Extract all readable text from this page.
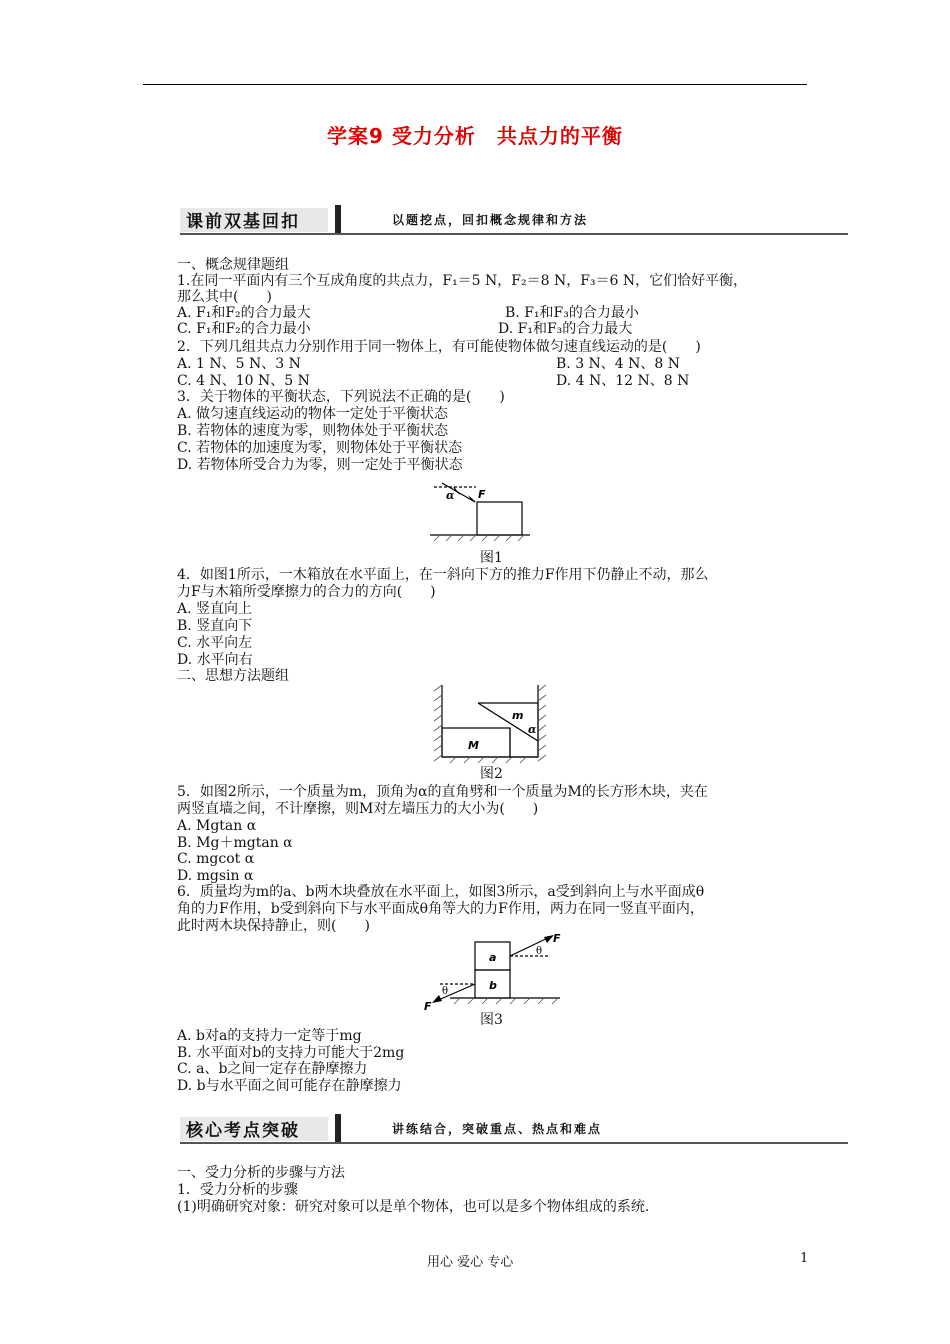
学案9 受力分析　共点力的平衡
课前双基回扣	以题挖点，回扣概念规律和方法
一、概念规律题组
1.在同一平面内有三个互成角度的共点力，F₁＝5 N，F₂＝8 N，F₃＝6 N，它们恰好平衡，
那么其中(　　)
A. F₁和F₂的合力最大	B. F₁和F₃的合力最小
C. F₁和F₂的合力最小	D. F₁和F₃的合力最大
2．下列几组共点力分别作用于同一物体上，有可能使物体做匀速直线运动的是(　　)
A. 1 N、5 N、3 N	B. 3 N、4 N、8 N
C. 4 N、10 N、5 N	D. 4 N、12 N、8 N
3．关于物体的平衡状态，下列说法不正确的是(　　)
A. 做匀速直线运动的物体一定处于平衡状态
B. 若物体的速度为零，则物体处于平衡状态
C. 若物体的加速度为零，则物体处于平衡状态
D. 若物体所受合力为零，则一定处于平衡状态
α F
图1
4．如图1所示，一木箱放在水平面上，在一斜向下方的推力F作用下仍静止不动，那么
力F与木箱所受摩擦力的合力的方向(　　)
A. 竖直向上
B. 竖直向下
C. 水平向左
D. 水平向右
二、思想方法题组
m
α
M
图2
5．如图2所示，一个质量为m，顶角为α的直角劈和一个质量为M的长方形木块，夹在
两竖直墙之间，不计摩擦，则M对左墙压力的大小为(　　)
A. Mgtan α
B. Mg＋mgtan α
C. mgcot α
D. mgsin α
6．质量均为m的a、b两木块叠放在水平面上，如图3所示，a受到斜向上与水平面成θ
角的力F作用，b受到斜向下与水平面成θ角等大的力F作用，两力在同一竖直平面内，
此时两木块保持静止，则(　　)
a
b
θ
F
θ
F
图3
A. b对a的支持力一定等于mg
B. 水平面对b的支持力可能大于2mg
C. a、b之间一定存在静摩擦力
D. b与水平面之间可能存在静摩擦力
核心考点突破	讲练结合，突破重点、热点和难点
一、受力分析的步骤与方法
1．受力分析的步骤
(1)明确研究对象：研究对象可以是单个物体，也可以是多个物体组成的系统.
用心 爱心 专心	1
